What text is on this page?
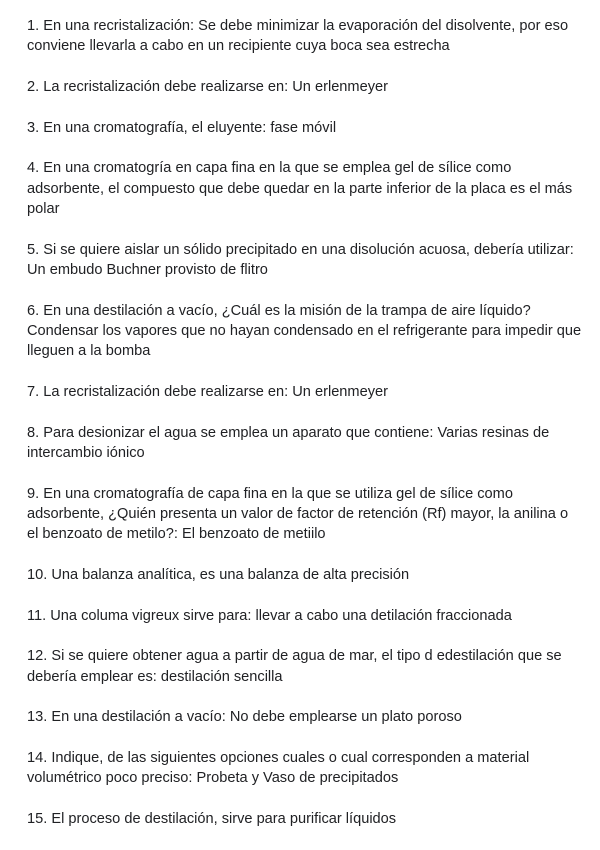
1. En una recristalización: Se debe minimizar la evaporación del disolvente, por eso conviene llevarla a cabo en un recipiente cuya boca sea estrecha

2. La recristalización debe realizarse en: Un erlenmeyer

3. En una cromatografía, el eluyente: fase móvil

4. En una cromatogría en capa fina en la que se emplea gel de sílice como adsorbente, el compuesto que debe quedar en la parte inferior de la placa es el más polar

5. Si se quiere aislar un sólido precipitado en una disolución acuosa, debería utilizar: Un embudo Buchner provisto de flitro

6. En una destilación a vacío, ¿Cuál es la misión de la trampa de aire líquido? Condensar los vapores que no hayan condensado en el refrigerante para impedir que lleguen a la bomba

7. La recristalización debe realizarse en: Un erlenmeyer

8. Para desionizar el agua se emplea un aparato que contiene: Varias resinas de intercambio iónico

9. En una cromatografía de capa fina en la que se utiliza gel de sílice como adsorbente, ¿Quién presenta un valor de factor de retención (Rf) mayor, la anilina o el benzoato de metilo?: El benzoato de metiilo

10. Una balanza analítica, es una balanza de alta precisión

11. Una columa vigreux sirve para: llevar a cabo una detilación fraccionada

12. Si se quiere obtener agua a partir de agua de mar, el tipo d edestilación que se debería emplear es: destilación sencilla

13. En una destilación a vacío: No debe emplearse un plato poroso

14. Indique, de las siguientes opciones cuales o cual corresponden a material volumétrico poco preciso: Probeta y Vaso de precipitados

15. El proceso de destilación, sirve para purificar líquidos
